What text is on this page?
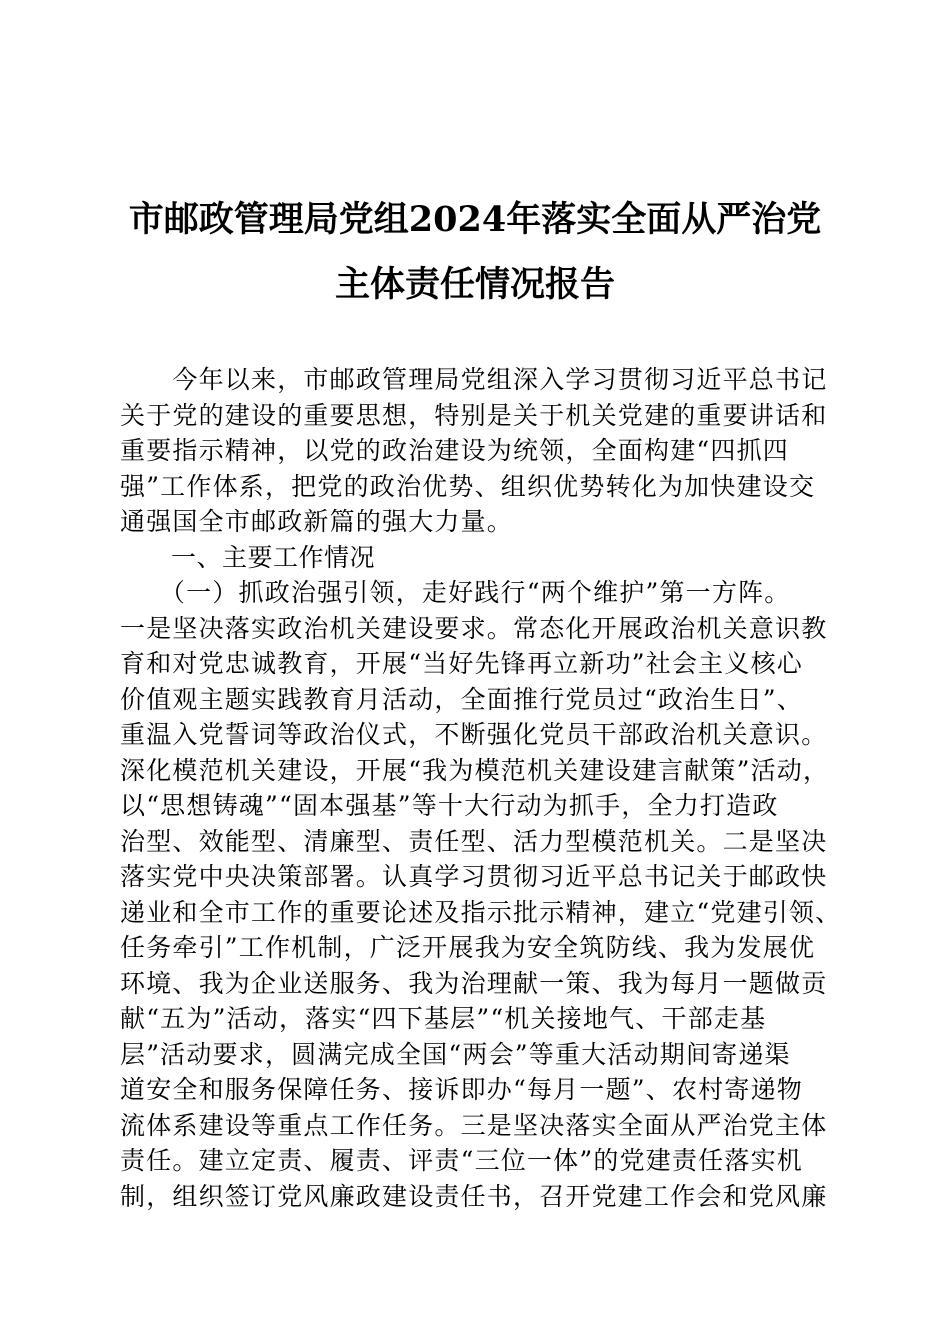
市邮政管理局党组2024年落实全面从严治党
主体责任情况报告
　　今年以来，市邮政管理局党组深入学习贯彻习近平总书记
关于党的建设的重要思想，特别是关于机关党建的重要讲话和
重要指示精神，以党的政治建设为统领，全面构建“四抓四
强”工作体系，把党的政治优势、组织优势转化为加快建设交
通强国全市邮政新篇的强大力量。
　　一、主要工作情况
　　（一）抓政治强引领，走好践行“两个维护”第一方阵。
一是坚决落实政治机关建设要求。常态化开展政治机关意识教
育和对党忠诚教育，开展“当好先锋再立新功”社会主义核心
价值观主题实践教育月活动，全面推行党员过“政治生日”、
重温入党誓词等政治仪式，不断强化党员干部政治机关意识。
深化模范机关建设，开展“我为模范机关建设建言献策”活动，
以“思想铸魂”“固本强基”等十大行动为抓手，全力打造政
治型、效能型、清廉型、责任型、活力型模范机关。二是坚决
落实党中央决策部署。认真学习贯彻习近平总书记关于邮政快
递业和全市工作的重要论述及指示批示精神，建立“党建引领、
任务牵引”工作机制，广泛开展我为安全筑防线、我为发展优
环境、我为企业送服务、我为治理献一策、我为每月一题做贡
献“五为”活动，落实“四下基层”“机关接地气、干部走基
层”活动要求，圆满完成全国“两会”等重大活动期间寄递渠
道安全和服务保障任务、接诉即办“每月一题”、农村寄递物
流体系建设等重点工作任务。三是坚决落实全面从严治党主体
责任。建立定责、履责、评责“三位一体”的党建责任落实机
制，组织签订党风廉政建设责任书，召开党建工作会和党风廉
